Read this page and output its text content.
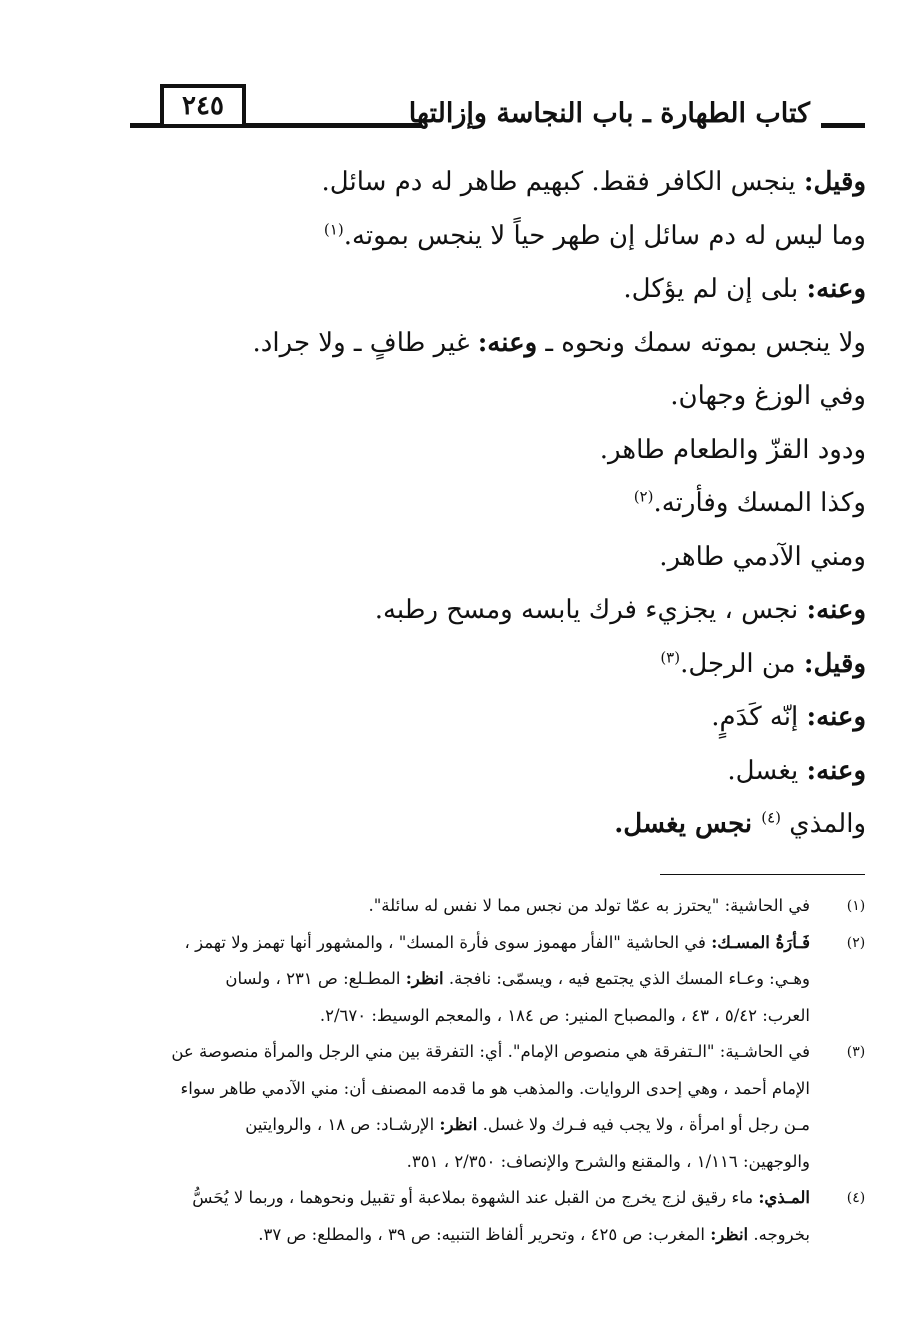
٢٤٥	كتاب الطهارة ـ باب النجاسة وإزالتها
وقيل: ينجس الكافر فقط. كبهيم طاهر له دم سائل.
وما ليس له دم سائل إن طهر حياً لا ينجس بموته.$^{(١)}$
وعنه: بلى إن لم يؤكل.
ولا ينجس بموته سمك ونحوه ـ وعنه: غير طافٍ ـ ولا جراد.
وفي الوزغ وجهان.
ودود القزّ والطعام طاهر.
وكذا المسك وفأرته.$^{(٢)}$
ومني الآدمي طاهر.
وعنه: نجس ، يجزيء فرك يابسه ومسح رطبه.
وقيل: من الرجل.$^{(٣)}$
وعنه: إنّه كَدَمٍ.
وعنه: يغسل.
والمذي $^{(٤)}$ نجس يغسل.
(١)
في الحاشية: "يحترز به عمّا تولد من نجس مما لا نفس له سائلة".
(٢)
فَـأرَةُ المسـك: في الحاشية "الفأر مهموز سوى فأرة المسك" ، والمشهور أنها تهمز ولا تهمز ،
وهـي: وعـاء المسك الذي يجتمع فيه ، ويسمّى: نافجة. انظر: المطـلع: ص ٢٣١ ، ولسان
العرب: ٥/٤٢ ، ٤٣ ، والمصباح المنير: ص ١٨٤ ، والمعجم الوسيط: ٢/٦٧٠.
(٣)
في الحاشـية: "الـتفرقة هي منصوص الإمام". أي: التفرقة بين مني الرجل والمرأة منصوصة عن
الإمام أحمد ، وهي إحدى الروايات. والمذهب هو ما قدمه المصنف أن: مني الآدمي طاهر سواء
مـن رجل أو امرأة ، ولا يجب فيه فـرك ولا غسل. انظر: الإرشـاد: ص ١٨ ، والروايتين
والوجهين: ١/١١٦ ، والمقنع والشرح والإنصاف: ٢/٣٥٠ ، ٣٥١.
(٤)
المـذي: ماء رقيق لزج يخرج من القبل عند الشهوة بملاعبة أو تقبيل ونحوهما ، وربما لا يُحَسُّ
بخروجه. انظر: المغرب: ص ٤٢٥ ، وتحرير ألفاظ التنبيه: ص ٣٩ ، والمطلع: ص ٣٧.
